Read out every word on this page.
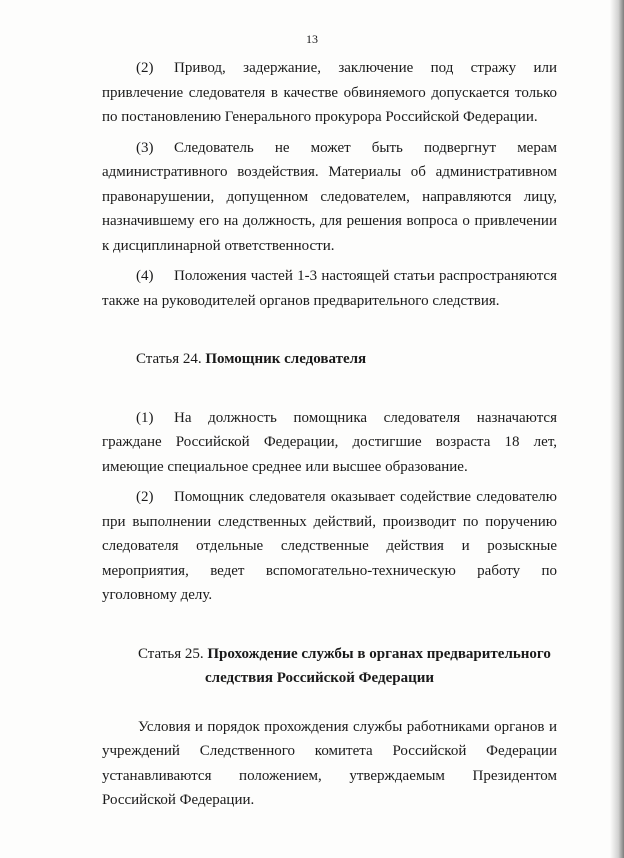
13

(2) Привод, задержание, заключение под стражу или привлечение следователя в качестве обвиняемого допускается только по постановлению Генерального прокурора Российской Федерации.

(3) Следователь не может быть подвергнут мерам административного воздействия. Материалы об административном правонарушении, допущенном следователем, направляются лицу, назначившему его на должность, для решения вопроса о привлечении к дисциплинарной ответственности.

(4) Положения частей 1-3 настоящей статьи распространяются также на руководителей органов предварительного следствия.

Статья 24. Помощник следователя

(1) На должность помощника следователя назначаются граждане Российской Федерации, достигшие возраста 18 лет, имеющие специальное среднее или высшее образование.

(2) Помощник следователя оказывает содействие следователю при выполнении следственных действий, производит по поручению следователя отдельные следственные действия и розыскные мероприятия, ведет вспомогательно-техническую работу по уголовному делу.

Статья 25. Прохождение службы в органах предварительного
следствия Российской Федерации

Условия и порядок прохождения службы работниками органов и учреждений Следственного комитета Российской Федерации устанавливаются положением, утверждаемым Президентом Российской Федерации.
